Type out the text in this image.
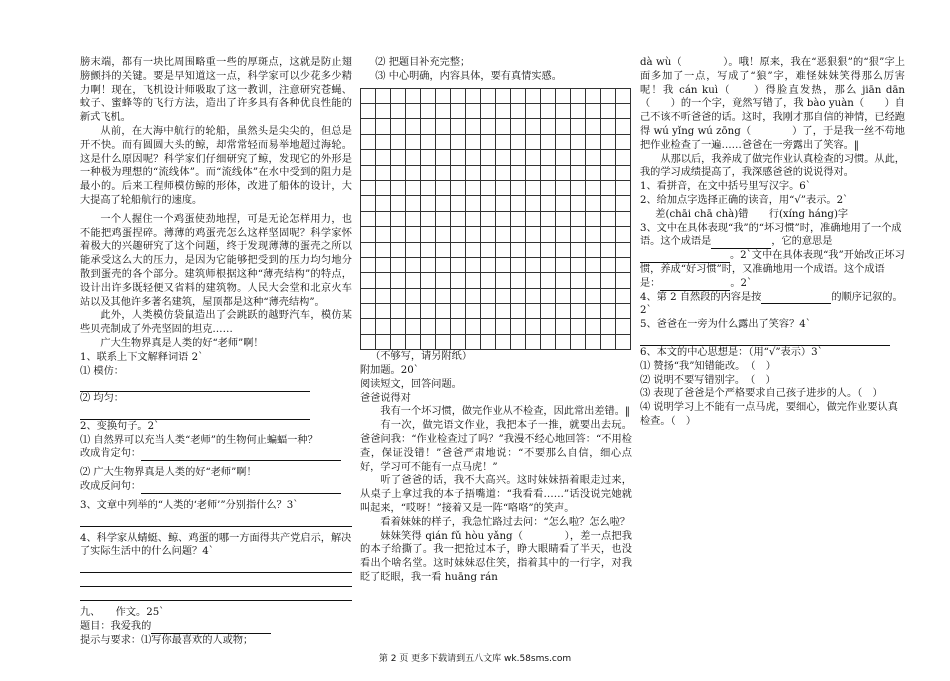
膀末端，都有一块比周围略重一些的厚斑点，这就是防止翅膀颤抖的关键。要是早知道这一点，科学家可以少花多少精力啊！现在，飞机设计师吸取了这一教训，注意研究苍蝇、蚊子、蜜蜂等的飞行方法，造出了许多具有各种优良性能的新式飞机。

从前，在大海中航行的轮船，虽然头是尖尖的，但总是开不快。而有圆圆大头的鲸，却常常轻而易举地超过海轮。这是什么原因呢？科学家们仔细研究了鲸，发现它的外形是一种极为理想的“流线体”。而“流线体”在水中受到的阻力是最小的。后来工程师模仿鲸的形体，改进了船体的设计，大大提高了轮船航行的速度。

一个人握住一个鸡蛋使劲地捏，可是无论怎样用力，也不能把鸡蛋捏碎。薄薄的鸡蛋壳怎么这样坚固呢？科学家怀着极大的兴趣研究了这个问题，终于发现薄薄的蛋壳之所以能承受这么大的压力，是因为它能够把受到的压力均匀地分散到蛋壳的各个部分。建筑师根据这种“薄壳结构”的特点，设计出许多既轻便又省料的建筑物。人民大会堂和北京火车站以及其他许多著名建筑，屋顶都是这种“薄壳结构”。

此外，人类模仿袋鼠造出了会跳跃的越野汽车，模仿某些贝壳制成了外壳坚固的坦克……

广大生物界真是人类的好“老师”啊！

1、联系上下文解释词语 2`

⑴ 模仿：

⑵ 均匀：

2、变换句子。2`

⑴ 自然界可以充当人类“老师”的生物何止蝙蝠一种？

改成肯定句：

⑵ 广大生物界真是人类的好“老师”啊！

改成反问句：

3、文章中列举的“人类的‘老师’”分别指什么？3`

4、科学家从蜻蜓、鲸、鸡蛋的哪一方面得共产党启示，解决了实际生活中的什么问题？4`

九、　　作文。25`

题目：我爱我的

提示与要求：⑴写你最喜欢的人或物；

⑵ 把题目补充完整；

⑶ 中心明确，内容具体，要有真情实感。

（不够写，请另附纸）

附加题。20`

阅读短文，回答问题。

爸爸说得对

我有一个坏习惯，做完作业从不检查，因此常出差错。‖

有一次，做完语文作业，我把本子一推，就要出去玩。爸爸问我：“作业检查过了吗？”我漫不经心地回答：“不用检查，保证没错！”爸爸严肃地说：“不要那么自信，细心点好，学习可不能有一点马虎！”

听了爸爸的话，我不大高兴。这时妹妹捂着眼走过来，从桌子上拿过我的本子捂嘴道：“我看看……”话没说完她就叫起来，“哎呀！”接着又是一阵“咯咯”的笑声。

看着妹妹的样子，我急忙路过去问：“怎么啦？怎么啦？

妹妹笑得 qián fǔ hòu yǎng（　　　　），差一点把我的本子给撕了。我一把抢过本子，睁大眼睛看了半天，也没看出个啥名堂。这时妹妹忍住笑，指着其中的一行字，对我眨了眨眼，我一看 huāng rán

dà wù（　　　　）。哦！原来，我在“恶狠狠”的“狠”字上面多加了一点，写成了“狼”字，难怪妹妹笑得那么厉害呢！我 cán kuì（　　）得脸直发热，那么 jiān dān（　　）的一个字，竟然写错了，我 bào yuàn（　　）自己不该不听爸爸的话。这时，我刚才那自信的神情，已经跑得 wú yǐng wú zōng（　　　　）了，于是我一丝不苟地把作业检查了一遍……爸爸在一旁露出了笑容。‖

从那以后，我养成了做完作业认真检查的习惯。从此，我的学习成绩提高了，我深感爸爸的说说得对。

1、看拼音，在文中括号里写汉字。6`

2、给加点字选择正确的读音，用“√”表示。2`

差(chāi chā chà)错　　行(xíng háng)字

3、文中在具体表现“我”的“坏习惯”时，准确地用了一个成语。这个成语是	，它的意思是。2`文中在具体表现“我”开始改正坏习惯，养成“好习惯”时，又准确地用一个成语。这个成语是：	。2`

4、第 2 自然段的内容是按	的顺序记叙的。2`

5、爸爸在一旁为什么露出了笑容？4`

6、本文的中心思想是：（用“√”表示）3`

⑴ 赞扬“我”知错能改。　（　）

⑵ 说明不要写错别字。　（　）

⑶ 表现了爸爸是个严格要求自己孩子进步的人。（　）

⑷ 说明学习上不能有一点马虎，要细心，做完作业要认真检查。（　）

第 2 页 更多下载请到五八文库 wk.58sms.com
